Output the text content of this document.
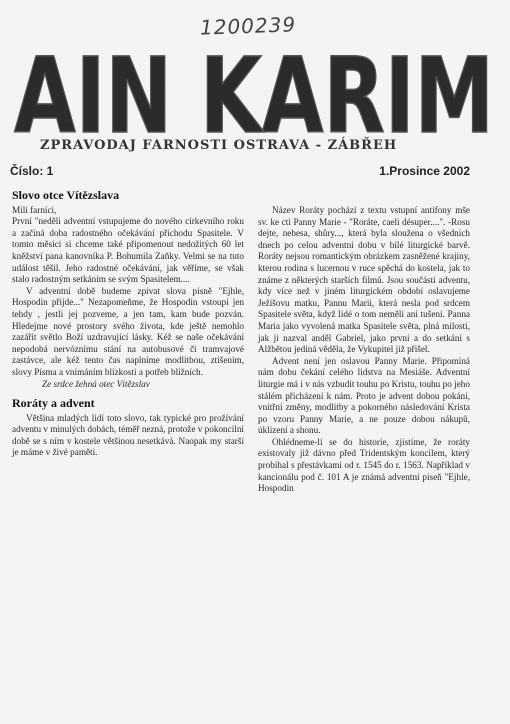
1200239
AIN KARIM
ZPRAVODAJ FARNOSTI OSTRAVA - ZÁBŘEH
Číslo: 1	1.Prosince 2002
Slovo otce Vítězslava

Milí farníci,

První "neděli adventní vstupujeme do nového církevního roku a začíná doba radostného očekávání příchodu Spasitele. V tomto měsíci si chceme také připomenout nedožitých 60 let kněžství pana kanovníka P. Bohumila Zaňky. Velmi se na tuto událost těšil. Jeho radostné očekávání, jak věříme, se však stalo radostným setkáním se svým Spasitelem....

V adventní době budeme zpívat slova písně "Ejhle, Hospodin přijde..." Nezapomeňme, že Hospodin vstoupí jen tehdy , jestli jej pozveme, a jen tam, kam bude pozván. Hledejme nové prostory svého života, kde ještě nemohlo zazářit světlo Boží uzdravující lásky. Kéž se naše očekávání nepodobá nervóznímu stání na autobusové či tramvajové zastávce, ale kéž tento čas naplníme modlitbou, ztišením, slovy Písma a vnímáním blízkosti a potřeb bližních.

Ze srdce žehná otec Vítězslav

Roráty a advent

Většina mladých lidí toto slovo, tak typické pro prožívání adventu v minulých dobách, téměř nezná, protože v pokoncilní době se s ním v kostele většinou nesetkává. Naopak my starší je máme v živé paměti.

Název Roráty pochází z textu vstupní antifony mše sv. ke cti Panny Marie - "Roráte, caeli désuper....". -Rosu dejte, nebesa, shůry..., která byla sloužena o všedních dnech po celou adventní dobu v bílé liturgické barvě. Roráty nejsou romantickým obrázkem zasněžené krajiny, kterou rodina s lucernou v ruce spěchá do kostela, jak to známe z některých starších filmů. Jsou součástí adventu, kdy více než v jiném liturgickém období oslavujeme Ježíšovu matku, Pannu Marii, která nesla pod srdcem Spasitele světa, když lidé o tom neměli ani tušení. Panna Maria jako vyvolená matka Spasitele světa, plná milosti, jak ji nazval anděl Gabriel, jako první a do setkání s Alžbětou jediná věděla, že Vykupitel již přišel.

Advent není jen oslavou Panny Marie. Připomíná nám dobu čekání celého lidstva na Mesiáše. Adventní liturgie má i v nás vzbudit touhu po Kristu, touhu po jeho stálém přicházení k nám. Proto je advent dobou pokání, vnitřní změny, modlitby a pokorného následování Krista po vzoru Panny Marie, a ne pouze dobou nákupů, úklizení a shonu.

Ohlédneme-li se do historie, zjistíme, že roráty existovaly již dávno před Tridentským koncilem, který probíhal s přestávkami od r. 1545 do r. 1563. Například v kancionálu pod č. 101 A je známá adventní píseň "Ejhle, Hospodin
